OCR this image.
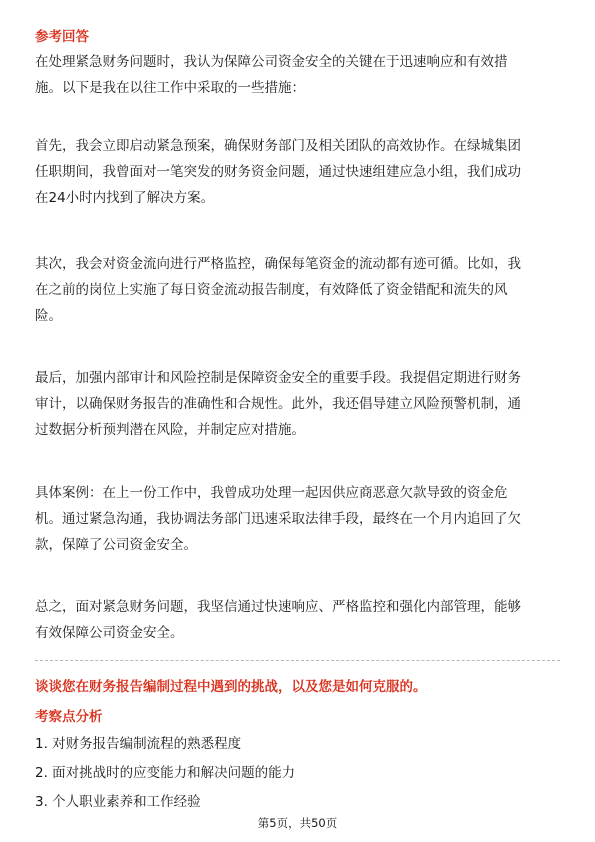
参考回答

在处理紧急财务问题时，我认为保障公司资金安全的关键在于迅速响应和有效措
施。以下是我在以往工作中采取的一些措施：

首先，我会立即启动紧急预案，确保财务部门及相关团队的高效协作。在绿城集团
任职期间，我曾面对一笔突发的财务资金问题，通过快速组建应急小组，我们成功
在24小时内找到了解决方案。

其次，我会对资金流向进行严格监控，确保每笔资金的流动都有迹可循。比如，我
在之前的岗位上实施了每日资金流动报告制度，有效降低了资金错配和流失的风
险。

最后，加强内部审计和风险控制是保障资金安全的重要手段。我提倡定期进行财务
审计，以确保财务报告的准确性和合规性。此外，我还倡导建立风险预警机制，通
过数据分析预判潜在风险，并制定应对措施。

具体案例：在上一份工作中，我曾成功处理一起因供应商恶意欠款导致的资金危
机。通过紧急沟通，我协调法务部门迅速采取法律手段，最终在一个月内追回了欠
款，保障了公司资金安全。

总之，面对紧急财务问题，我坚信通过快速响应、严格监控和强化内部管理，能够
有效保障公司资金安全。

谈谈您在财务报告编制过程中遇到的挑战，以及您是如何克服的。

考察点分析

1. 对财务报告编制流程的熟悉程度

2. 面对挑战时的应变能力和解决问题的能力

3. 个人职业素养和工作经验

第5页，共50页
